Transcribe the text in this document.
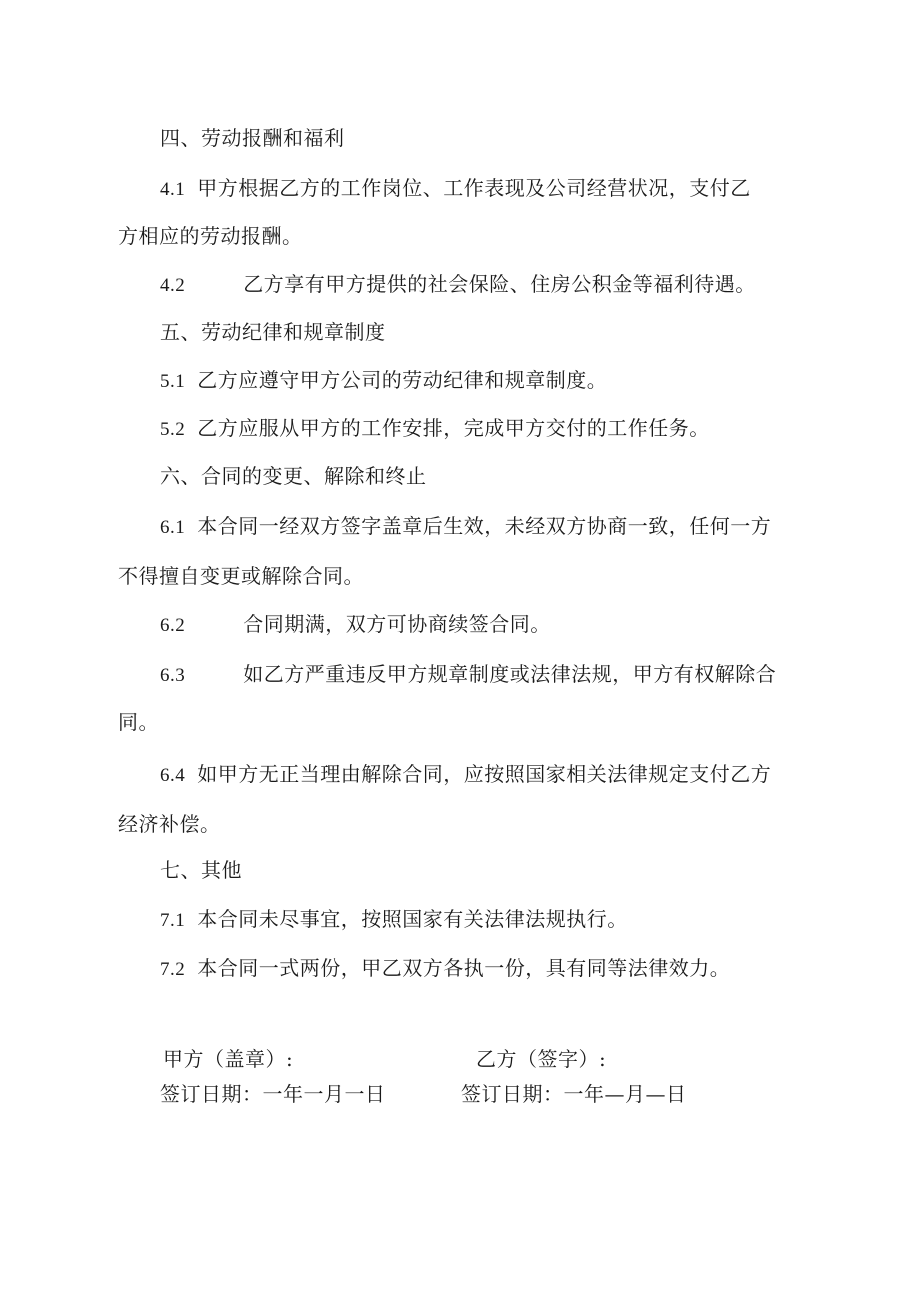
四、劳动报酬和福利
4.1 甲方根据乙方的工作岗位、工作表现及公司经营状况，支付乙
方相应的劳动报酬。
4.2	乙方享有甲方提供的社会保险、住房公积金等福利待遇。
五、劳动纪律和规章制度
5.1 乙方应遵守甲方公司的劳动纪律和规章制度。
5.2 乙方应服从甲方的工作安排，完成甲方交付的工作任务。
六、合同的变更、解除和终止
6.1 本合同一经双方签字盖章后生效，未经双方协商一致，任何一方
不得擅自变更或解除合同。
6.2	合同期满，双方可协商续签合同。
6.3	如乙方严重违反甲方规章制度或法律法规，甲方有权解除合
同。
6.4 如甲方无正当理由解除合同，应按照国家相关法律规定支付乙方
经济补偿。
七、其他
7.1 本合同未尽事宜，按照国家有关法律法规执行。
7.2 本合同一式两份，甲乙双方各执一份，具有同等法律效力。
甲方（盖章）:	乙方（签字）:
签订日期：一年一月一日	签订日期：一年—月—日
